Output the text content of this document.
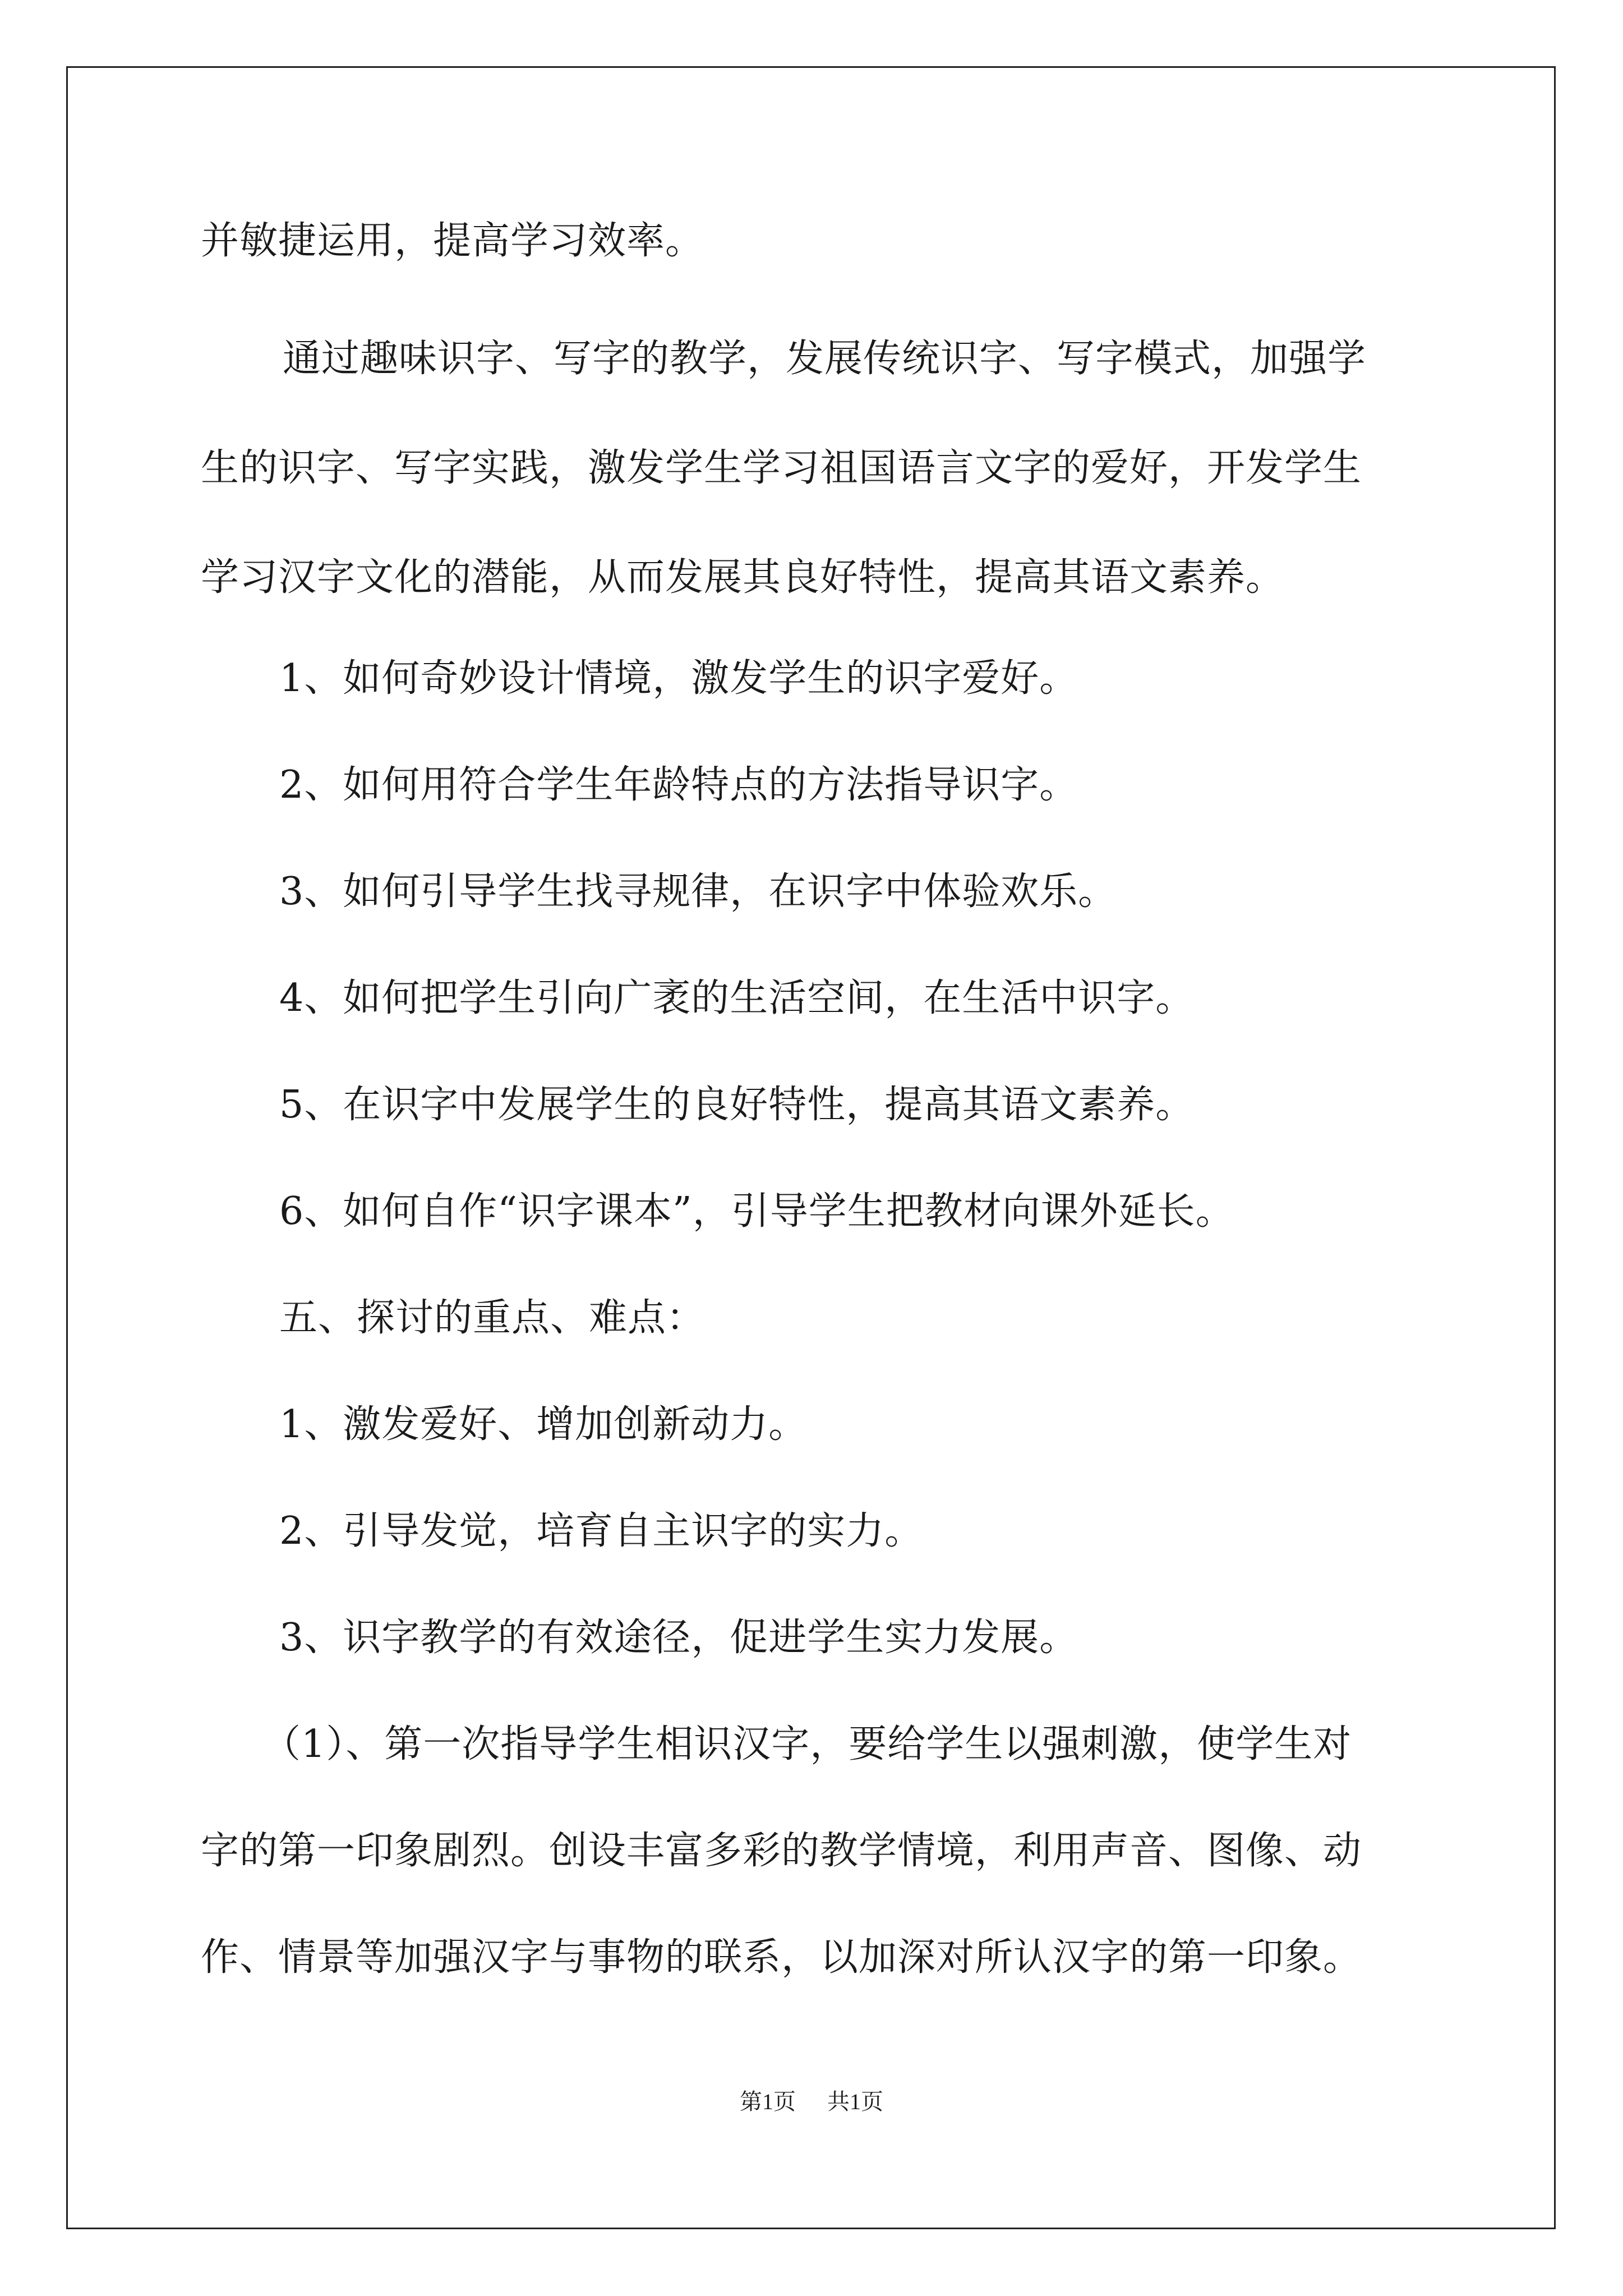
并敏捷运用，提高学习效率。
通过趣味识字、写字的教学，发展传统识字、写字模式，加强学
生的识字、写字实践，激发学生学习祖国语言文字的爱好，开发学生
学习汉字文化的潜能，从而发展其良好特性，提高其语文素养。
1、如何奇妙设计情境，激发学生的识字爱好。
2、如何用符合学生年龄特点的方法指导识字。
3、如何引导学生找寻规律，在识字中体验欢乐。
4、如何把学生引向广袤的生活空间，在生活中识字。
5、在识字中发展学生的良好特性，提高其语文素养。
6、如何自作“识字课本”，引导学生把教材向课外延长。
五、探讨的重点、难点：
1、激发爱好、增加创新动力。
2、引导发觉，培育自主识字的实力。
3、识字教学的有效途径，促进学生实力发展。
（1）、第一次指导学生相识汉字，要给学生以强刺激，使学生对
字的第一印象剧烈。创设丰富多彩的教学情境，利用声音、图像、动
作、情景等加强汉字与事物的联系，以加深对所认汉字的第一印象。
第1页 共1页
